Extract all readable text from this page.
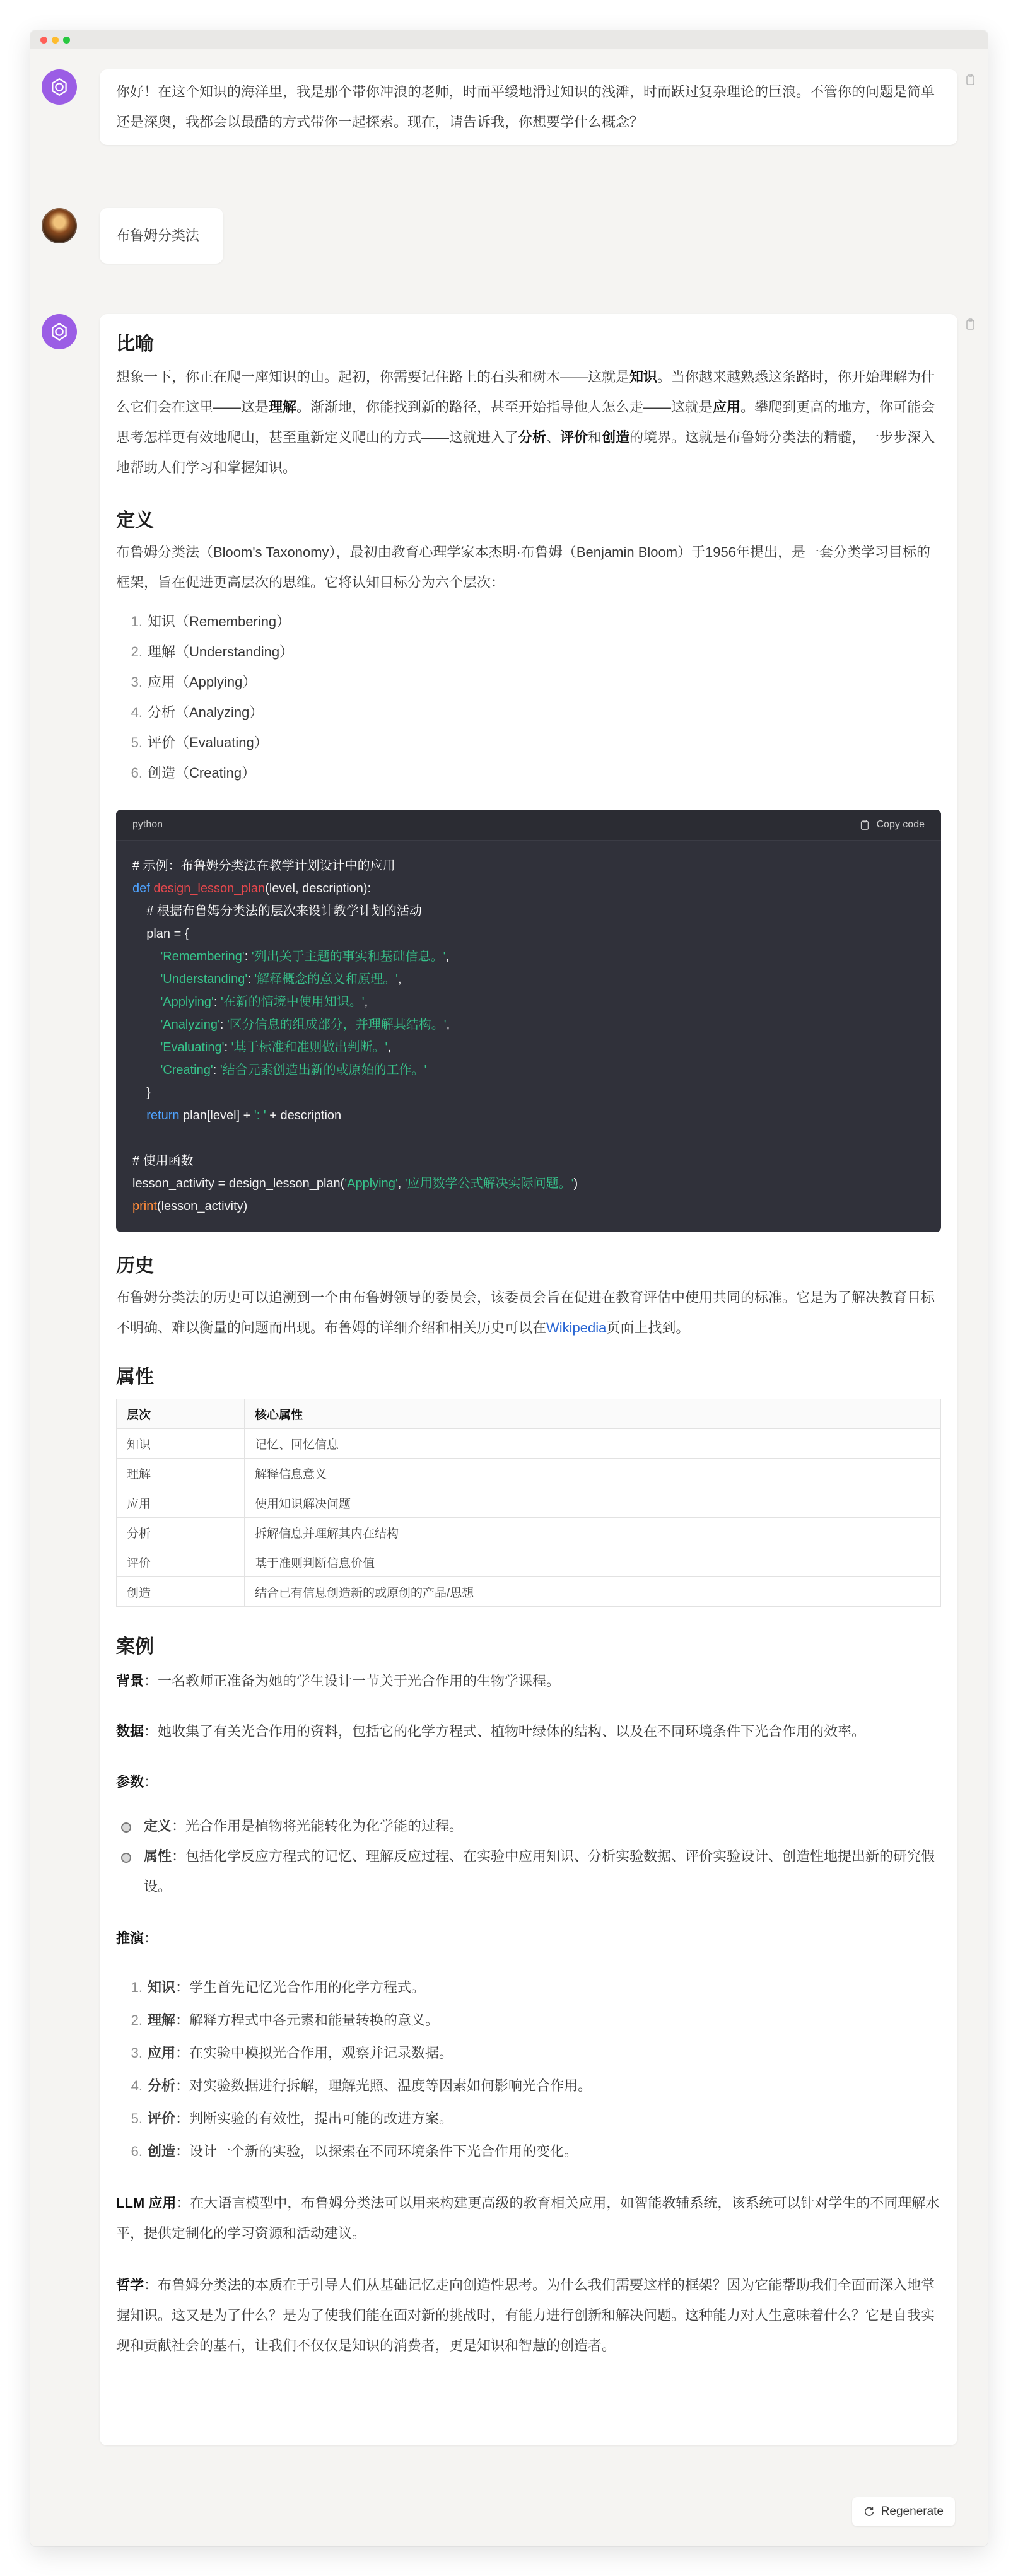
你好！在这个知识的海洋里，我是那个带你冲浪的老师，时而平缓地滑过知识的浅滩，时而跃过复杂理论的巨浪。不管你的问题是简单还是深奥，我都会以最酷的方式带你一起探索。现在，请告诉我，你想要学什么概念？
布鲁姆分类法
比喻

想象一下，你正在爬一座知识的山。起初，你需要记住路上的石头和树木——这就是知识。当你越来越熟悉这条路时，你开始理解为什么它们会在这里——这是理解。渐渐地，你能找到新的路径，甚至开始指导他人怎么走——这就是应用。攀爬到更高的地方，你可能会思考怎样更有效地爬山，甚至重新定义爬山的方式——这就进入了分析、评价和创造的境界。这就是布鲁姆分类法的精髓，一步步深入地帮助人们学习和掌握知识。

定义

布鲁姆分类法（Bloom's Taxonomy），最初由教育心理学家本杰明·布鲁姆（Benjamin Bloom）于1956年提出，是一套分类学习目标的框架，旨在促进更高层次的思维。它将认知目标分为六个层次：

1. 知识（Remembering）
2. 理解（Understanding）
3. 应用（Applying）
4. 分析（Analyzing）
5. 评价（Evaluating）
6. 创造（Creating）
python	Copy code
# 示例：布鲁姆分类法在教学计划设计中的应用
def design_lesson_plan(level, description):
# 根据布鲁姆分类法的层次来设计教学计划的活动
plan = {
'Remembering': '列出关于主题的事实和基础信息。',
'Understanding': '解释概念的意义和原理。',
'Applying': '在新的情境中使用知识。',
'Analyzing': '区分信息的组成部分，并理解其结构。',
'Evaluating': '基于标准和准则做出判断。',
'Creating': '结合元素创造出新的或原始的工作。'
}
return plan[level] + ': ' + description

# 使用函数
lesson_activity = design_lesson_plan('Applying', '应用数学公式解决实际问题。')
print(lesson_activity)
历史

布鲁姆分类法的历史可以追溯到一个由布鲁姆领导的委员会，该委员会旨在促进在教育评估中使用共同的标准。它是为了解决教育目标不明确、难以衡量的问题而出现。布鲁姆的详细介绍和相关历史可以在Wikipedia页面上找到。

属性
层次	核心属性
知识	记忆、回忆信息
理解	解释信息意义
应用	使用知识解决问题
分析	拆解信息并理解其内在结构
评价	基于准则判断信息价值
创造	结合已有信息创造新的或原创的产品/思想
案例

背景：一名教师正准备为她的学生设计一节关于光合作用的生物学课程。

数据：她收集了有关光合作用的资料，包括它的化学方程式、植物叶绿体的结构、以及在不同环境条件下光合作用的效率。

参数：

定义：光合作用是植物将光能转化为化学能的过程。
属性：包括化学反应方程式的记忆、理解反应过程、在实验中应用知识、分析实验数据、评价实验设计、创造性地提出新的研究假设。

推演：

1. 知识：学生首先记忆光合作用的化学方程式。
2. 理解：解释方程式中各元素和能量转换的意义。
3. 应用：在实验中模拟光合作用，观察并记录数据。
4. 分析：对实验数据进行拆解，理解光照、温度等因素如何影响光合作用。
5. 评价：判断实验的有效性，提出可能的改进方案。
6. 创造：设计一个新的实验，以探索在不同环境条件下光合作用的变化。

LLM 应用：在大语言模型中，布鲁姆分类法可以用来构建更高级的教育相关应用，如智能教辅系统，该系统可以针对学生的不同理解水平，提供定制化的学习资源和活动建议。

哲学：布鲁姆分类法的本质在于引导人们从基础记忆走向创造性思考。为什么我们需要这样的框架？因为它能帮助我们全面而深入地掌握知识。这又是为了什么？是为了使我们能在面对新的挑战时，有能力进行创新和解决问题。这种能力对人生意味着什么？它是自我实现和贡献社会的基石，让我们不仅仅是知识的消费者，更是知识和智慧的创造者。

Regenerate
